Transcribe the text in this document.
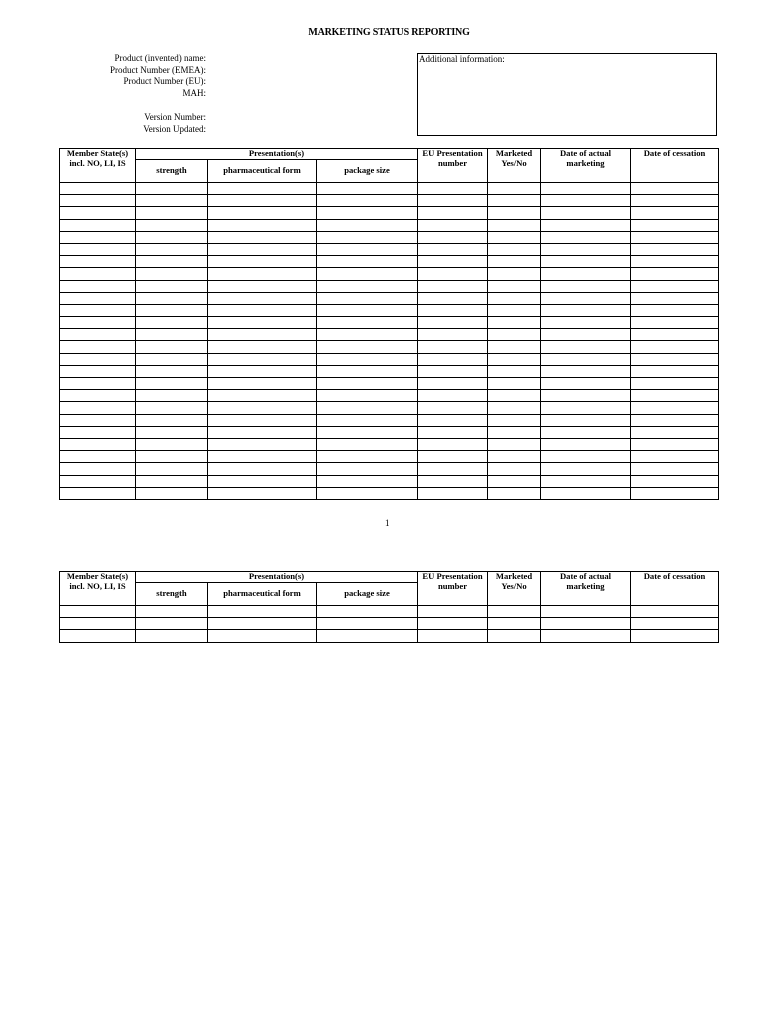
MARKETING STATUS REPORTING
Product (invented) name:
Product Number (EMEA):
Product Number (EU):
MAH:
Version Number:
Version Updated:
Additional information:
Member State(s) incl. NO, LI, IS	Presentation(s)			EU Presentation number	Marketed Yes/No	Date of actual marketing	Date of cessation
	strength	pharmaceutical form	package size				

1
Member State(s) incl. NO, LI, IS	Presentation(s)			EU Presentation number	Marketed Yes/No	Date of actual marketing	Date of cessation
	strength	pharmaceutical form	package size				
